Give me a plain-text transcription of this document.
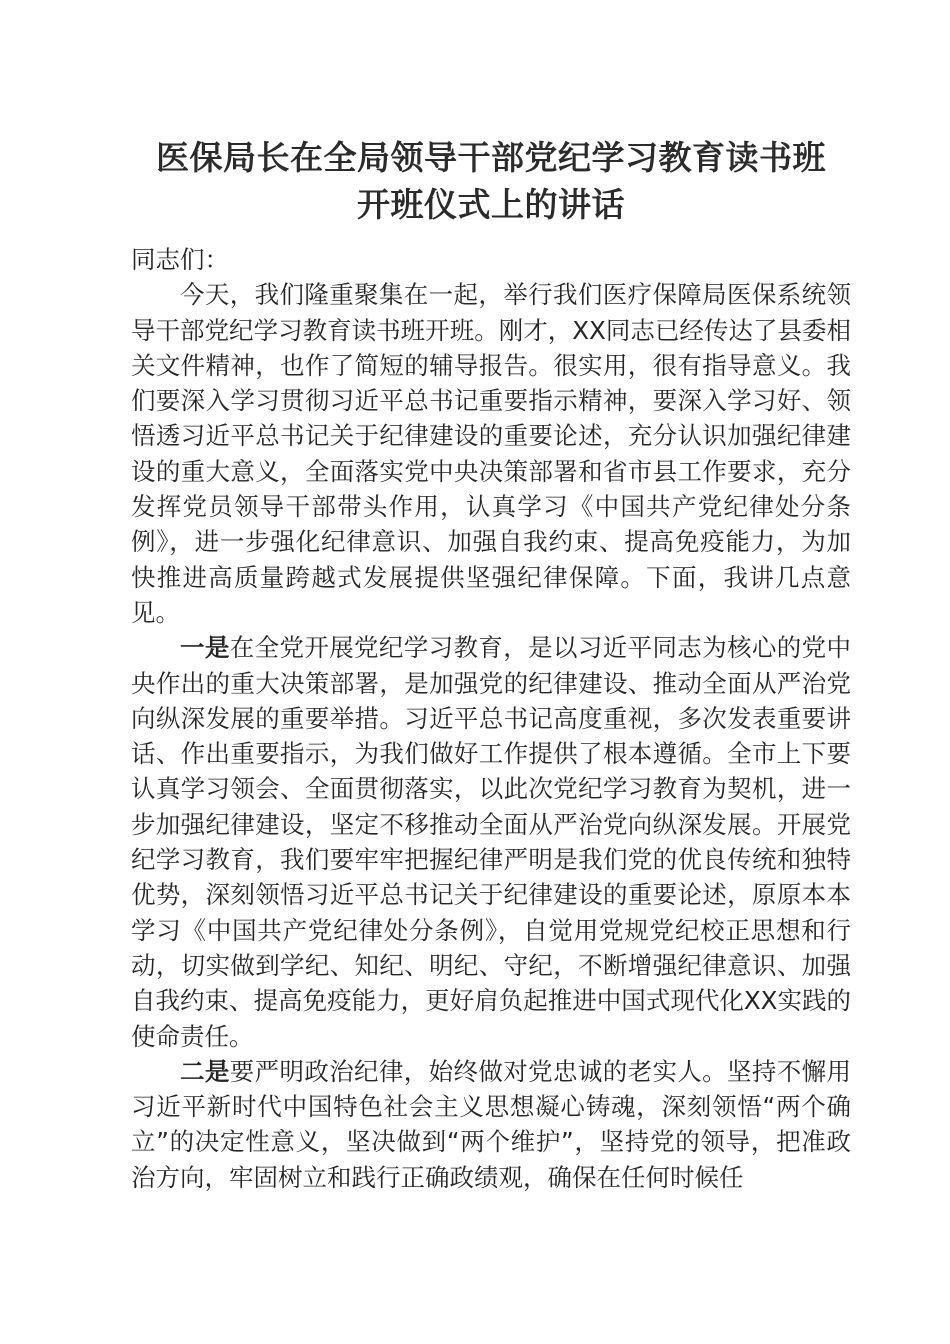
医保局长在全局领导干部党纪学习教育读书班
开班仪式上的讲话

同志们：

今天，我们隆重聚集在一起，举行我们医疗保障局医保系统领导干部党纪学习教育读书班开班。刚才，XX同志已经传达了县委相关文件精神，也作了简短的辅导报告。很实用，很有指导意义。我们要深入学习贯彻习近平总书记重要指示精神，要深入学习好、领悟透习近平总书记关于纪律建设的重要论述，充分认识加强纪律建设的重大意义，全面落实党中央决策部署和省市县工作要求，充分发挥党员领导干部带头作用，认真学习《中国共产党纪律处分条例》，进一步强化纪律意识、加强自我约束、提高免疫能力，为加快推进高质量跨越式发展提供坚强纪律保障。下面，我讲几点意见。

一是在全党开展党纪学习教育，是以习近平同志为核心的党中央作出的重大决策部署，是加强党的纪律建设、推动全面从严治党向纵深发展的重要举措。习近平总书记高度重视，多次发表重要讲话、作出重要指示，为我们做好工作提供了根本遵循。全市上下要认真学习领会、全面贯彻落实，以此次党纪学习教育为契机，进一步加强纪律建设，坚定不移推动全面从严治党向纵深发展。开展党纪学习教育，我们要牢牢把握纪律严明是我们党的优良传统和独特优势，深刻领悟习近平总书记关于纪律建设的重要论述，原原本本学习《中国共产党纪律处分条例》，自觉用党规党纪校正思想和行动，切实做到学纪、知纪、明纪、守纪，不断增强纪律意识、加强自我约束、提高免疫能力，更好肩负起推进中国式现代化XX实践的使命责任。

二是要严明政治纪律，始终做对党忠诚的老实人。坚持不懈用习近平新时代中国特色社会主义思想凝心铸魂，深刻领悟“两个确立”的决定性意义，坚决做到“两个维护”，坚持党的领导，把准政治方向，牢固树立和践行正确政绩观，确保在任何时候任
